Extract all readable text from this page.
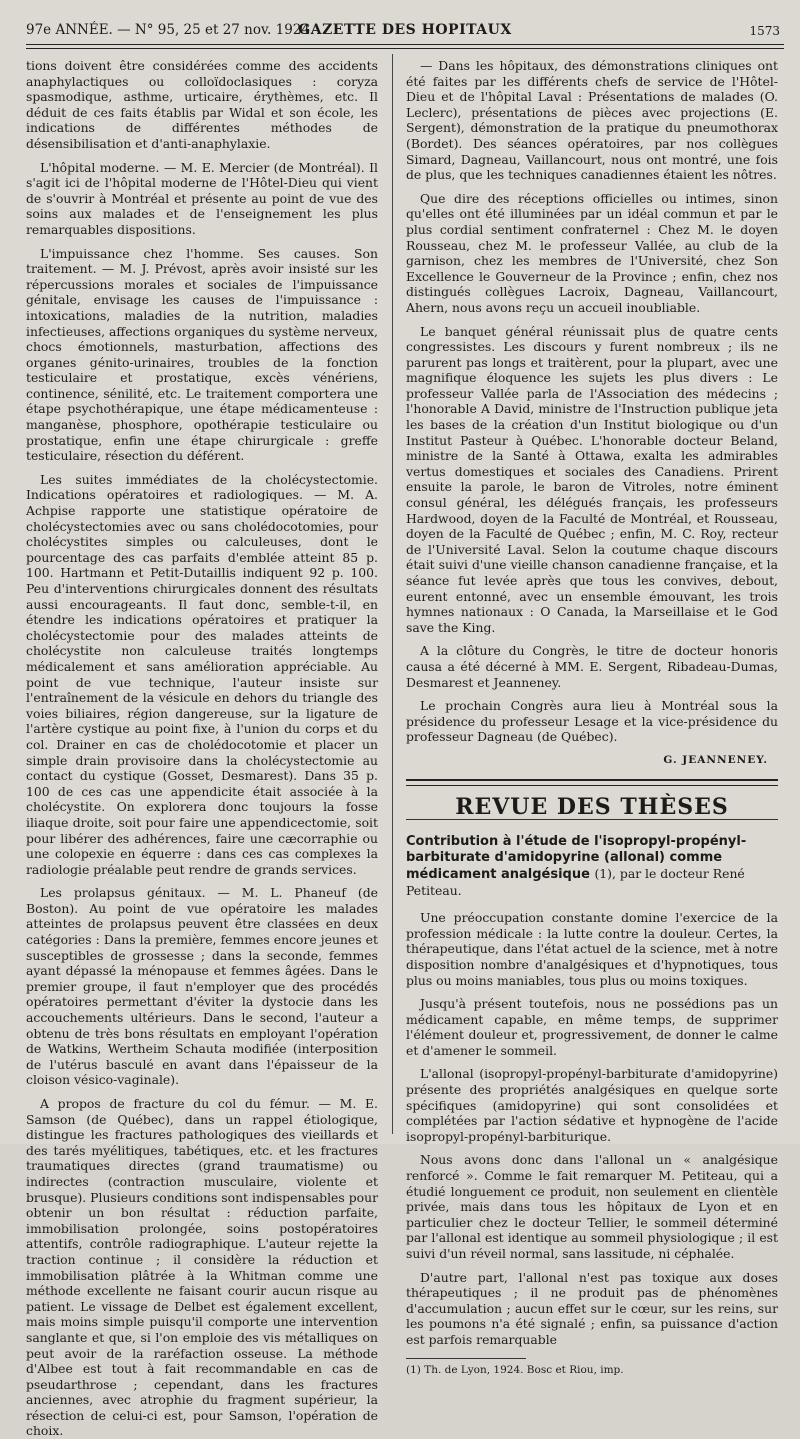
97e ANNÉE. — N° 95, 25 et 27 nov. 1924.
GAZETTE DES HOPITAUX	1573

tions doivent être considérées comme des accidents anaphylactiques ou colloïdoclasiques : coryza spasmodique, asthme, urticaire, érythèmes, etc. Il déduit de ces faits établis par Widal et son école, les indications de différentes méthodes de désensibilisation et d'anti-anaphylaxie.

L'hôpital moderne. — M. E. Mercier (de Montréal). Il s'agit ici de l'hôpital moderne de l'Hôtel-Dieu qui vient de s'ouvrir à Montréal et présente au point de vue des soins aux malades et de l'enseignement les plus remarquables dispositions.

L'impuissance chez l'homme. Ses causes. Son traitement. — M. J. Prévost, après avoir insisté sur les répercussions morales et sociales de l'impuissance génitale, envisage les causes de l'impuissance : intoxications, maladies de la nutrition, maladies infectieuses, affections organiques du système nerveux, chocs émotionnels, masturbation, affections des organes génito-urinaires, troubles de la fonction testiculaire et prostatique, excès vénériens, continence, sénilité, etc. Le traitement comportera une étape psychothérapique, une étape médicamenteuse : manganèse, phosphore, opothérapie testiculaire ou prostatique, enfin une étape chirurgicale : greffe testiculaire, résection du déférent.

Les suites immédiates de la cholécystectomie. Indications opératoires et radiologiques. — M. A. Achpise rapporte une statistique opératoire de cholécystectomies avec ou sans cholédocotomies, pour cholécystites simples ou calculeuses, dont le pourcentage des cas parfaits d'emblée atteint 85 p. 100. Hartmann et Petit-Dutaillis indiquent 92 p. 100. Peu d'interventions chirurgicales donnent des résultats aussi encourageants. Il faut donc, semble-t-il, en étendre les indications opératoires et pratiquer la cholécystectomie pour des malades atteints de cholécystite non calculeuse traités longtemps médicalement et sans amélioration appréciable. Au point de vue technique, l'auteur insiste sur l'entraînement de la vésicule en dehors du triangle des voies biliaires, région dangereuse, sur la ligature de l'artère cystique au point fixe, à l'union du corps et du col. Drainer en cas de cholédocotomie et placer un simple drain provisoire dans la cholécystectomie au contact du cystique (Gosset, Desmarest). Dans 35 p. 100 de ces cas une appendicite était associée à la cholécystite. On explorera donc toujours la fosse iliaque droite, soit pour faire une appendicectomie, soit pour libérer des adhérences, faire une cæcorraphie ou une colopexie en équerre : dans ces cas complexes la radiologie préalable peut rendre de grands services.

Les prolapsus génitaux. — M. L. Phaneuf (de Boston). Au point de vue opératoire les malades atteintes de prolapsus peuvent être classées en deux catégories : Dans la première, femmes encore jeunes et susceptibles de grossesse ; dans la seconde, femmes ayant dépassé la ménopause et femmes âgées. Dans le premier groupe, il faut n'employer que des procédés opératoires permettant d'éviter la dystocie dans les accouchements ultérieurs. Dans le second, l'auteur a obtenu de très bons résultats en employant l'opération de Watkins, Wertheim Schauta modifiée (interposition de l'utérus basculé en avant dans l'épaisseur de la cloison vésico-vaginale).

A propos de fracture du col du fémur. — M. E. Samson (de Québec), dans un rappel étiologique, distingue les fractures pathologiques des vieillards et des tarés myélitiques, tabétiques, etc. et les fractures traumatiques directes (grand traumatisme) ou indirectes (contraction musculaire, violente et brusque). Plusieurs conditions sont indispensables pour obtenir un bon résultat : réduction parfaite, immobilisation prolongée, soins postopératoires attentifs, contrôle radiographique. L'auteur rejette la traction continue ; il considère la réduction et immobilisation plâtrée à la Whitman comme une méthode excellente ne faisant courir aucun risque au patient. Le vissage de Delbet est également excellent, mais moins simple puisqu'il comporte une intervention sanglante et que, si l'on emploie des vis métalliques on peut avoir de la raréfaction osseuse. La méthode d'Albee est tout à fait recommandable en cas de pseudarthrose ; cependant, dans les fractures anciennes, avec atrophie du fragment supérieur, la résection de celui-ci est, pour Samson, l'opération de choix.

— Dans les hôpitaux, des démonstrations cliniques ont été faites par les différents chefs de service de l'Hôtel-Dieu et de l'hôpital Laval : Présentations de malades (O. Leclerc), présentations de pièces avec projections (E. Sergent), démonstration de la pratique du pneumothorax (Bordet). Des séances opératoires, par nos collègues Simard, Dagneau, Vaillancourt, nous ont montré, une fois de plus, que les techniques canadiennes étaient les nôtres.

Que dire des réceptions officielles ou intimes, sinon qu'elles ont été illuminées par un idéal commun et par le plus cordial sentiment confraternel : Chez M. le doyen Rousseau, chez M. le professeur Vallée, au club de la garnison, chez les membres de l'Université, chez Son Excellence le Gouverneur de la Province ; enfin, chez nos distingués collègues Lacroix, Dagneau, Vaillancourt, Ahern, nous avons reçu un accueil inoubliable.

Le banquet général réunissait plus de quatre cents congressistes. Les discours y furent nombreux ; ils ne parurent pas longs et traitèrent, pour la plupart, avec une magnifique éloquence les sujets les plus divers : Le professeur Vallée parla de l'Association des médecins ; l'honorable A David, ministre de l'Instruction publique jeta les bases de la création d'un Institut biologique ou d'un Institut Pasteur à Québec. L'honorable docteur Beland, ministre de la Santé à Ottawa, exalta les admirables vertus domestiques et sociales des Canadiens. Prirent ensuite la parole, le baron de Vitroles, notre éminent consul général, les délégués français, les professeurs Hardwood, doyen de la Faculté de Montréal, et Rousseau, doyen de la Faculté de Québec ; enfin, M. C. Roy, recteur de l'Université Laval. Selon la coutume chaque discours était suivi d'une vieille chanson canadienne française, et la séance fut levée après que tous les convives, debout, eurent entonné, avec un ensemble émouvant, les trois hymnes nationaux : O Canada, la Marseillaise et le God save the King.

A la clôture du Congrès, le titre de docteur honoris causa a été décerné à MM. E. Sergent, Ribadeau-Dumas, Desmarest et Jeanneney.

Le prochain Congrès aura lieu à Montréal sous la présidence du professeur Lesage et la vice-présidence du professeur Dagneau (de Québec).

G. JEANNENEY.

REVUE DES THÈSES

Contribution à l'étude de l'isopropyl-propényl-barbiturate d'amidopyrine (allonal) comme médicament analgésique (1), par le docteur René Petiteau.

Une préoccupation constante domine l'exercice de la profession médicale : la lutte contre la douleur. Certes, la thérapeutique, dans l'état actuel de la science, met à notre disposition nombre d'analgésiques et d'hypnotiques, tous plus ou moins maniables, tous plus ou moins toxiques.

Jusqu'à présent toutefois, nous ne possédions pas un médicament capable, en même temps, de supprimer l'élément douleur et, progressivement, de donner le calme et d'amener le sommeil.

L'allonal (isopropyl-propényl-barbiturate d'amidopyrine) présente des propriétés analgésiques en quelque sorte spécifiques (amidopyrine) qui sont consolidées et complétées par l'action sédative et hypnogène de l'acide isopropyl-propényl-barbiturique.

Nous avons donc dans l'allonal un « analgésique renforcé ». Comme le fait remarquer M. Petiteau, qui a étudié longuement ce produit, non seulement en clientèle privée, mais dans tous les hôpitaux de Lyon et en particulier chez le docteur Tellier, le sommeil déterminé par l'allonal est identique au sommeil physiologique ; il est suivi d'un réveil normal, sans lassitude, ni céphalée.

D'autre part, l'allonal n'est pas toxique aux doses thérapeutiques ; il ne produit pas de phénomènes d'accumulation ; aucun effet sur le cœur, sur les reins, sur les poumons n'a été signalé ; enfin, sa puissance d'action est parfois remarquable

(1) Th. de Lyon, 1924. Bosc et Riou, imp.
